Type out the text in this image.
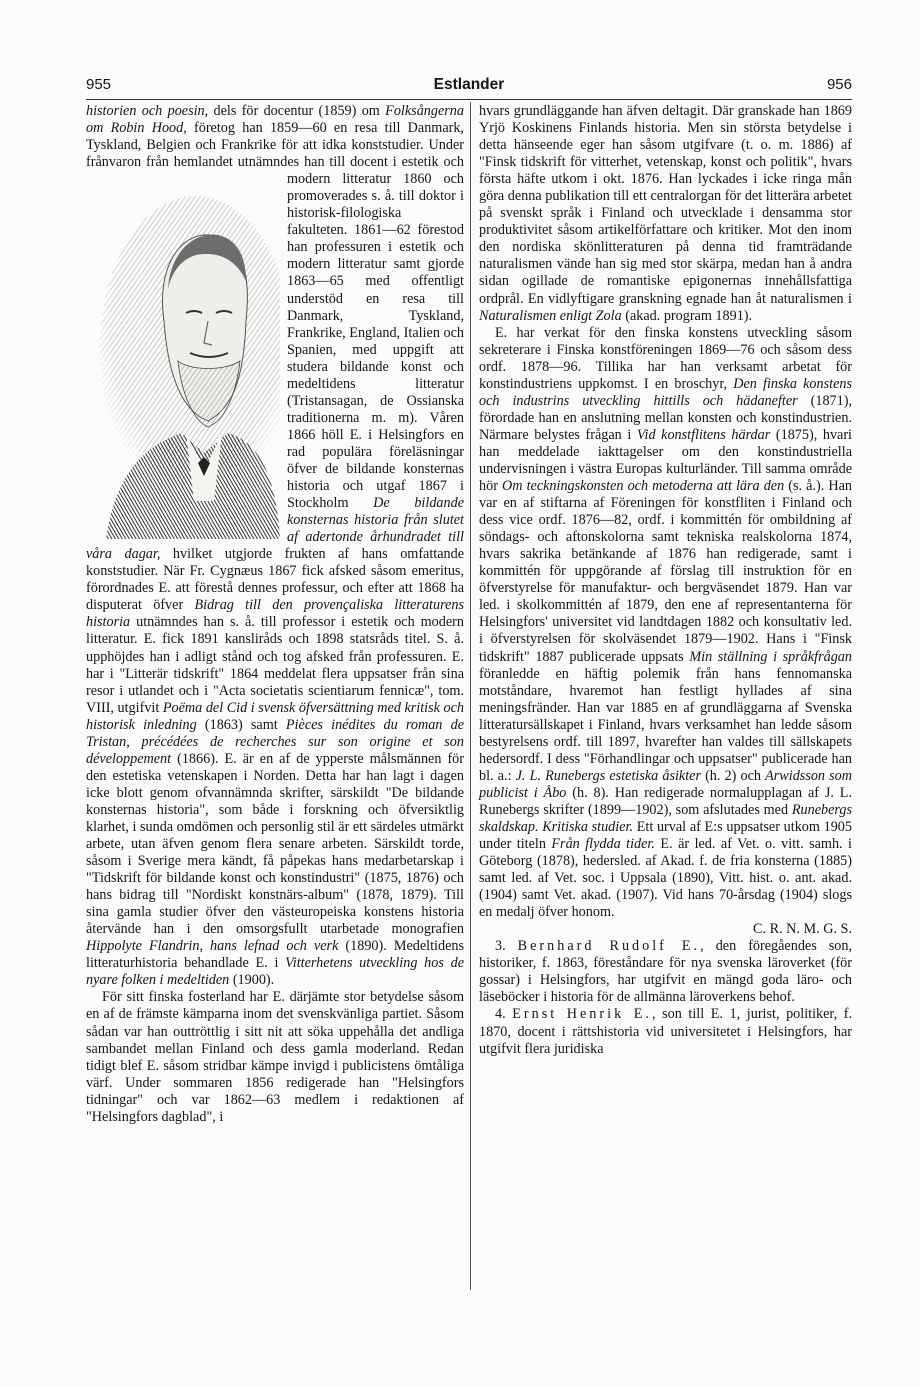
955	Estlander	956

historien och poesin, dels för docentur (1859) om Folksångerna om Robin Hood, företog han 1859—60 en resa till Danmark, Tyskland, Belgien och Frankrike för att idka konststudier. Under frånvaron från hemlandet utnämndes han till docent i estetik och
modern litteratur 1860 och promoverades s. å. till doktor i historisk-filologiska fakulteten. 1861—62 förestod han professuren i estetik och modern litteratur samt gjorde 1863—65 med offentligt understöd en resa till Danmark, Tyskland, Frankrike, England, Italien och Spanien, med uppgift att studera bildande konst och medeltidens litteratur (Tristansagan, de Ossianska traditionerna m. m). Våren 1866 höll E. i Helsingfors en rad populära föreläsningar öfver de bildande konsternas historia och utgaf 1867 i Stockholm De bildande konsternas historia från slutet af adertonde århundradet till våra dagar, hvilket utgjorde frukten af hans omfattande konststudier. När Fr. Cygnæus 1867 fick afsked såsom emeritus, förordnades E. att förestå dennes professur, och efter att 1868 ha disputerat öfver Bidrag till den provençaliska litteraturens historia utnämndes han s. å. till professor i estetik och modern litteratur. E. fick 1891 kansliråds och 1898 statsråds titel. S. å. upphöjdes han i adligt stånd och tog afsked från professuren. E. har i "Litterär tidskrift" 1864 meddelat flera uppsatser från sina resor i utlandet och i "Acta societatis scientiarum fennicæ", tom. VIII, utgifvit Poëma del Cid i svensk öfversättning med kritisk och historisk inledning (1863) samt Pièces inédites du roman de Tristan, précédées de recherches sur son origine et son développement (1866). E. är en af de ypperste målsmännen för den estetiska vetenskapen i Norden. Detta har han lagt i dagen icke blott genom ofvannämnda skrifter, särskildt "De bildande konsternas historia", som både i forskning och öfversiktlig klarhet, i sunda omdömen och personlig stil är ett särdeles utmärkt arbete, utan äfven genom flera senare arbeten. Särskildt torde, såsom i Sverige mera kändt, få påpekas hans medarbetarskap i "Tidskrift för bildande konst och konstindustri" (1875, 1876) och hans bidrag till "Nordiskt konstnärs-album" (1878, 1879). Till sina gamla studier öfver den västeuropeiska konstens historia återvände han i den omsorgsfullt utarbetade monografien Hippolyte Flandrin, hans lefnad och verk (1890). Medeltidens litteraturhistoria behandlade E. i Vitterhetens utveckling hos de nyare folken i medeltiden (1900).

För sitt finska fosterland har E. därjämte stor betydelse såsom en af de främste kämparna inom det svenskvänliga partiet. Såsom sådan var han outtröttlig i sitt nit att söka uppehålla det andliga sambandet mellan Finland och dess gamla moderland. Redan tidigt blef E. såsom stridbar kämpe invigd i publicistens ömtåliga värf. Under sommaren 1856 redigerade han "Helsingfors tidningar" och var 1862—63 medlem i redaktionen af "Helsingfors dagblad", i

hvars grundläggande han äfven deltagit. Där granskade han 1869 Yrjö Koskinens Finlands historia. Men sin största betydelse i detta hänseende eger han såsom utgifvare (t. o. m. 1886) af "Finsk tidskrift för vitterhet, vetenskap, konst och politik", hvars första häfte utkom i okt. 1876. Han lyckades i icke ringa mån göra denna publikation till ett centralorgan för det litterära arbetet på svenskt språk i Finland och utvecklade i densamma stor produktivitet såsom artikelförfattare och kritiker. Mot den inom den nordiska skönlitteraturen på denna tid framträdande naturalismen vände han sig med stor skärpa, medan han å andra sidan ogillade de romantiske epigonernas innehållsfattiga ordprål. En vidlyftigare granskning egnade han åt naturalismen i Naturalismen enligt Zola (akad. program 1891).

E. har verkat för den finska konstens utveckling såsom sekreterare i Finska konstföreningen 1869—76 och såsom dess ordf. 1878—96. Tillika har han verksamt arbetat för konstindustriens uppkomst. I en broschyr, Den finska konstens och industrins utveckling hittills och hädanefter (1871), förordade han en anslutning mellan konsten och konstindustrien. Närmare belystes frågan i Vid konstflitens härdar (1875), hvari han meddelade iakttagelser om den konstindustriella undervisningen i västra Europas kulturländer. Till samma område hör Om teckningskonsten och metoderna att lära den (s. å.). Han var en af stiftarna af Föreningen för konstfliten i Finland och dess vice ordf. 1876—82, ordf. i kommittén för ombildning af söndags- och aftonskolorna samt tekniska realskolorna 1874, hvars sakrika betänkande af 1876 han redigerade, samt i kommittén för uppgörande af förslag till instruktion för en öfverstyrelse för manufaktur- och bergväsendet 1879. Han var led. i skolkommittén af 1879, den ene af representanterna för Helsingfors' universitet vid landtdagen 1882 och konsultativ led. i öfverstyrelsen för skolväsendet 1879—1902. Hans i "Finsk tidskrift" 1887 publicerade uppsats Min ställning i språkfrågan föranledde en häftig polemik från hans fennomanska motståndare, hvaremot han festligt hyllades af sina meningsfränder. Han var 1885 en af grundläggarna af Svenska litteratursällskapet i Finland, hvars verksamhet han ledde såsom bestyrelsens ordf. till 1897, hvarefter han valdes till sällskapets hedersordf. I dess "Förhandlingar och uppsatser" publicerade han bl. a.: J. L. Runebergs estetiska åsikter (h. 2) och Arwidsson som publicist i Åbo (h. 8). Han redigerade normalupplagan af J. L. Runebergs skrifter (1899—1902), som afslutades med Runebergs skaldskap. Kritiska studier. Ett urval af E:s uppsatser utkom 1905 under titeln Från flydda tider. E. är led. af Vet. o. vitt. samh. i Göteborg (1878), hedersled. af Akad. f. de fria konsterna (1885) samt led. af Vet. soc. i Uppsala (1890), Vitt. hist. o. ant. akad. (1904) samt Vet. akad. (1907). Vid hans 70-årsdag (1904) slogs en medalj öfver honom.
C. R. N. M. G. S.

3. Bernhard Rudolf E., den föregåendes son, historiker, f. 1863, föreståndare för nya svenska läroverket (för gossar) i Helsingfors, har utgifvit en mängd goda läro- och läseböcker i historia för de allmänna läroverkens behof.

4. Ernst Henrik E., son till E. 1, jurist, politiker, f. 1870, docent i rättshistoria vid universitetet i Helsingfors, har utgifvit flera juridiska
